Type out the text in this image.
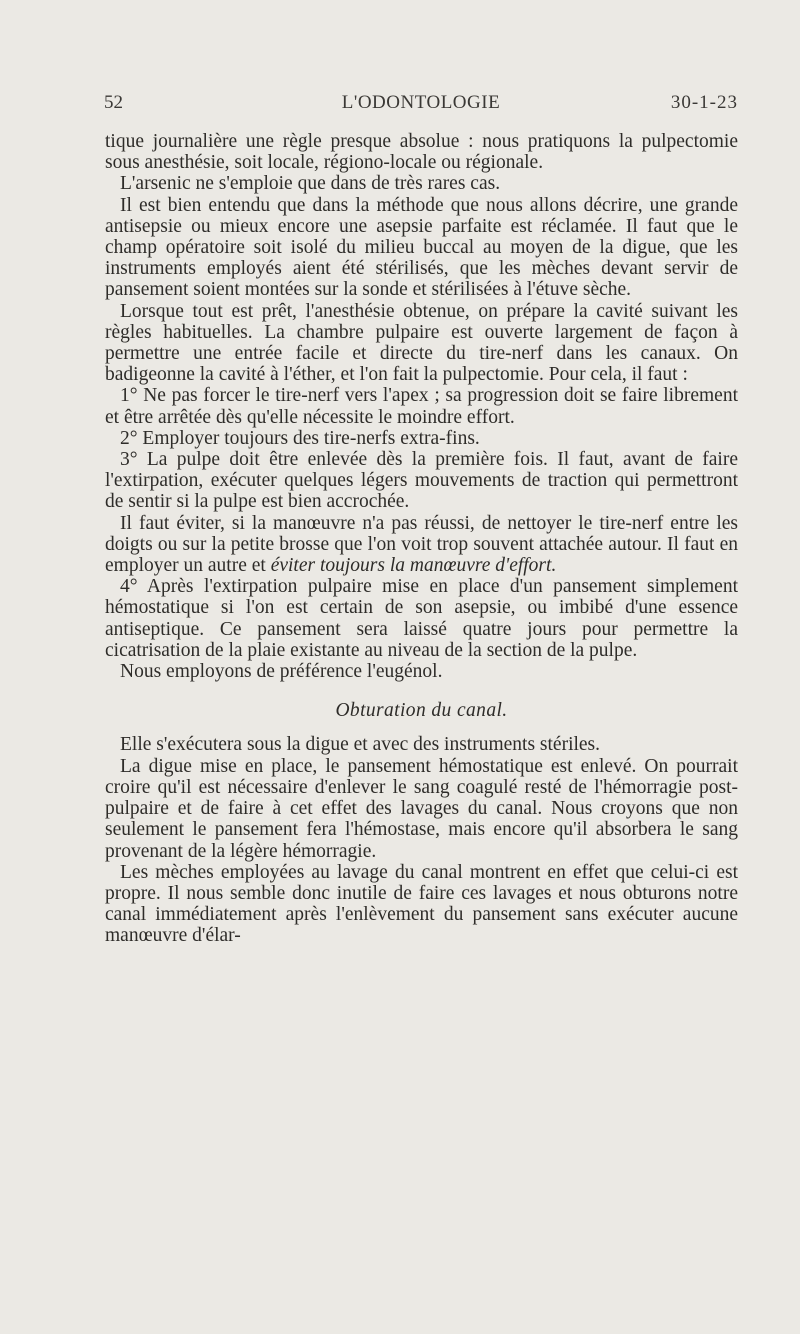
52	L'ODONTOLOGIE	30-1-23

tique journalière une règle presque absolue : nous pratiquons la pulpectomie sous anesthésie, soit locale, régiono-locale ou régionale.

L'arsenic ne s'emploie que dans de très rares cas.

Il est bien entendu que dans la méthode que nous allons décrire, une grande antisepsie ou mieux encore une asepsie parfaite est réclamée. Il faut que le champ opératoire soit isolé du milieu buccal au moyen de la digue, que les instruments employés aient été stérilisés, que les mèches devant servir de pansement soient montées sur la sonde et stérilisées à l'étuve sèche.

Lorsque tout est prêt, l'anesthésie obtenue, on prépare la cavité suivant les règles habituelles. La chambre pulpaire est ouverte largement de façon à permettre une entrée facile et directe du tire-nerf dans les canaux. On badigeonne la cavité à l'éther, et l'on fait la pulpectomie. Pour cela, il faut :

1° Ne pas forcer le tire-nerf vers l'apex ; sa progression doit se faire librement et être arrêtée dès qu'elle nécessite le moindre effort.

2° Employer toujours des tire-nerfs extra-fins.

3° La pulpe doit être enlevée dès la première fois. Il faut, avant de faire l'extirpation, exécuter quelques légers mouvements de traction qui permettront de sentir si la pulpe est bien accrochée.

Il faut éviter, si la manœuvre n'a pas réussi, de nettoyer le tire-nerf entre les doigts ou sur la petite brosse que l'on voit trop souvent attachée autour. Il faut en employer un autre et éviter toujours la manœuvre d'effort.

4° Après l'extirpation pulpaire mise en place d'un pansement simplement hémostatique si l'on est certain de son asepsie, ou imbibé d'une essence antiseptique. Ce pansement sera laissé quatre jours pour permettre la cicatrisation de la plaie existante au niveau de la section de la pulpe.

Nous employons de préférence l'eugénol.

Obturation du canal.

Elle s'exécutera sous la digue et avec des instruments stériles.

La digue mise en place, le pansement hémostatique est enlevé. On pourrait croire qu'il est nécessaire d'enlever le sang coagulé resté de l'hémorragie post-pulpaire et de faire à cet effet des lavages du canal. Nous croyons que non seulement le pansement fera l'hémostase, mais encore qu'il absorbera le sang provenant de la légère hémorragie.

Les mèches employées au lavage du canal montrent en effet que celui-ci est propre. Il nous semble donc inutile de faire ces lavages et nous obturons notre canal immédiatement après l'enlèvement du pansement sans exécuter aucune manœuvre d'élar-
